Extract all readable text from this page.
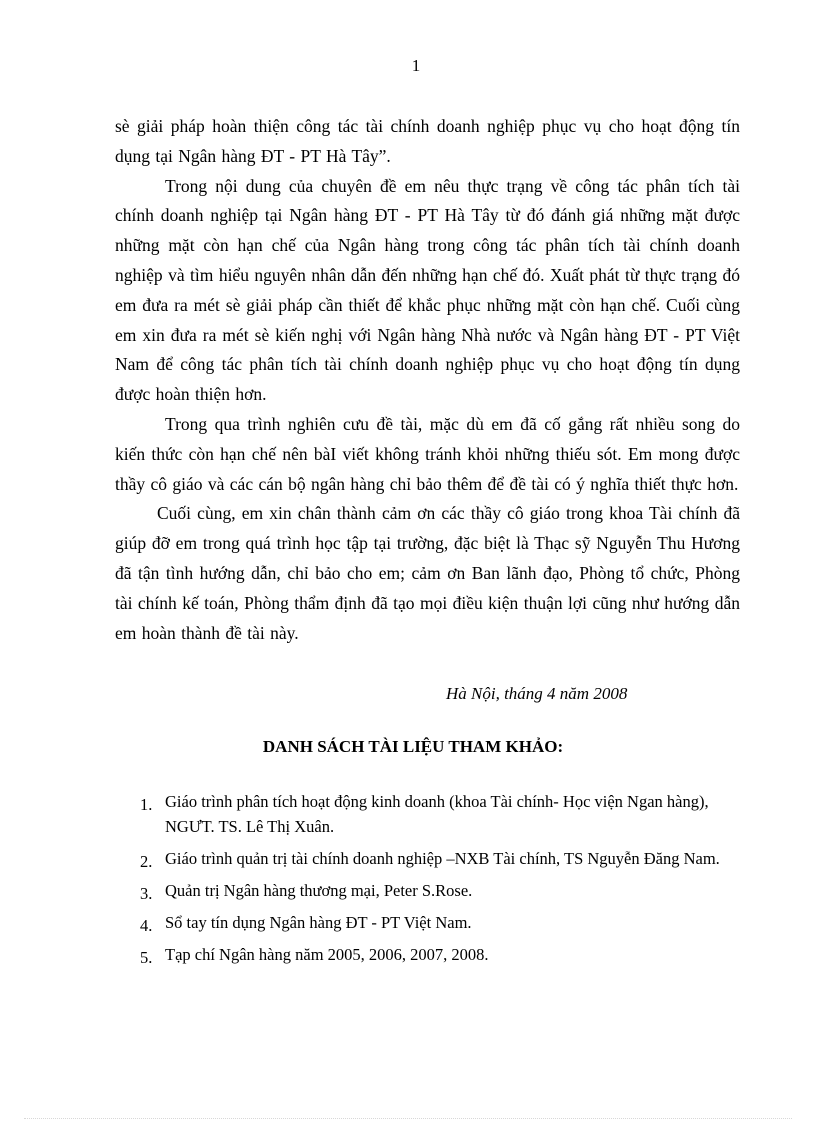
1

sè giải pháp hoàn thiện công tác tài chính doanh nghiệp phục vụ cho hoạt động tín dụng tại Ngân hàng ĐT - PT Hà Tây”.

Trong nội dung của chuyên đề em nêu thực trạng về công tác phân tích tài chính doanh nghiệp tại Ngân hàng ĐT - PT Hà Tây từ đó đánh giá những mặt được những mặt còn hạn chế của Ngân hàng trong công tác phân tích tài chính doanh nghiệp và tìm hiểu nguyên nhân dẫn đến những hạn chế đó. Xuất phát từ thực trạng đó em đưa ra mét sè giải pháp cần thiết để khắc phục những mặt còn hạn chế. Cuối cùng em xin đưa ra mét sè kiến nghị với Ngân hàng Nhà nước và Ngân hàng ĐT - PT Việt Nam để công tác phân tích tài chính doanh nghiệp phục vụ cho hoạt động tín dụng được hoàn thiện hơn.

Trong qua trình nghiên cưu đề tài, mặc dù em đã cố gắng rất nhiều song do kiến thức còn hạn chế nên bàI viết không tránh khỏi những thiếu sót. Em mong được thầy cô giáo và các cán bộ ngân hàng chỉ bảo thêm để đề tài có ý nghĩa thiết thực hơn.

Cuối cùng, em xin chân thành cảm ơn các thầy cô giáo trong khoa Tài chính đã giúp đỡ em trong quá trình học tập tại trường, đặc biệt là Thạc sỹ Nguyễn Thu Hương đã tận tình hướng dẫn, chỉ bảo cho em; cảm ơn Ban lãnh đạo, Phòng tổ chức, Phòng tài chính kế toán, Phòng thẩm định đã tạo mọi điều kiện thuận lợi cũng như hướng dẫn em hoàn thành đề tài này.

Hà Nội, tháng 4 năm 2008
DANH SÁCH TÀI LIỆU THAM KHẢO:
1. Giáo trình phân tích hoạt động kinh doanh (khoa Tài chính- Học viện Ngan hàng), NGƯT. TS. Lê Thị Xuân.
2. Giáo trình quản trị tài chính doanh nghiệp –NXB Tài chính, TS Nguyễn Đăng Nam.
3. Quản trị Ngân hàng thương mại, Peter S.Rose.
4. Sổ tay tín dụng Ngân hàng ĐT - PT Việt Nam.
5. Tạp chí Ngân hàng năm 2005, 2006, 2007, 2008.
